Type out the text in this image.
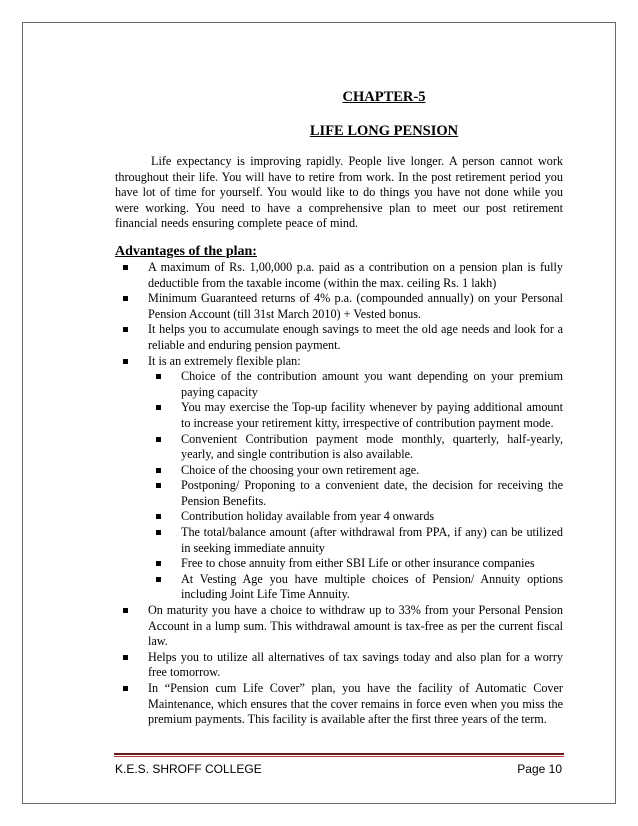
CHAPTER-5

LIFE LONG PENSION

Life expectancy is improving rapidly. People live longer. A person cannot work throughout their life. You will have to retire from work. In the post retirement period you have lot of time for yourself. You would like to do things you have not done while you were working. You need to have a comprehensive plan to meet our post retirement financial needs ensuring complete peace of mind.

Advantages of the plan:

A maximum of Rs. 1,00,000 p.a. paid as a contribution on a pension plan is fully deductible from the taxable income (within the max. ceiling Rs. 1 lakh)
Minimum Guaranteed returns of 4% p.a. (compounded annually) on your Personal Pension Account (till 31st March 2010) + Vested bonus.
It helps you to accumulate enough savings to meet the old age needs and look for a reliable and enduring pension payment.
It is an extremely flexible plan:
Choice of the contribution amount you want depending on your premium paying capacity
You may exercise the Top-up facility whenever by paying additional amount to increase your retirement kitty, irrespective of contribution payment mode.
Convenient Contribution payment mode monthly, quarterly, half-yearly, yearly, and single contribution is also available.
Choice of the choosing your own retirement age.
Postponing/ Proponing to a convenient date, the decision for receiving the Pension Benefits.
Contribution holiday available from year 4 onwards
The total/balance amount (after withdrawal from PPA, if any) can be utilized in seeking immediate annuity
Free to chose annuity from either SBI Life or other insurance companies
At Vesting Age you have multiple choices of Pension/ Annuity options including Joint Life Time Annuity.
On maturity you have a choice to withdraw up to 33% from your Personal Pension Account in a lump sum. This withdrawal amount is tax-free as per the current fiscal law.
Helps you to utilize all alternatives of tax savings today and also plan for a worry free tomorrow.
In “Pension cum Life Cover” plan, you have the facility of Automatic Cover Maintenance, which ensures that the cover remains in force even when you miss the premium payments. This facility is available after the first three years of the term.
K.E.S. SHROFF COLLEGE	Page 10
